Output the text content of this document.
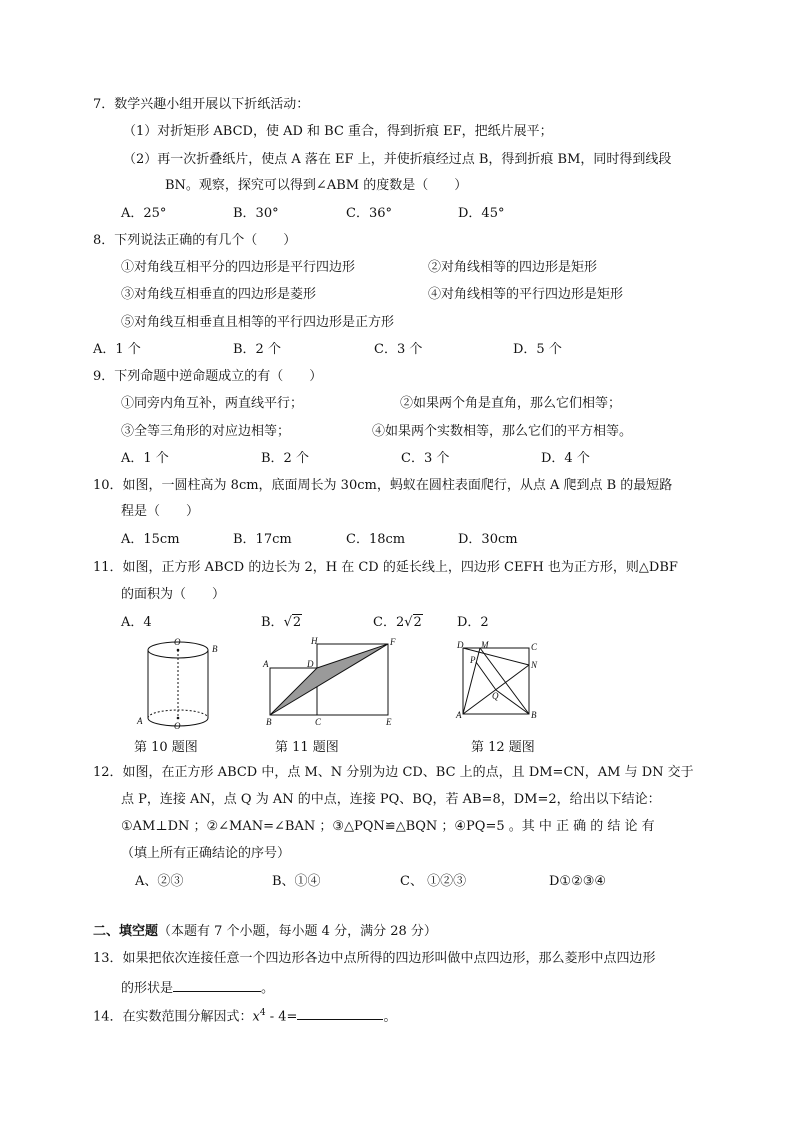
7．数学兴趣小组开展以下折纸活动：
（1）对折矩形 ABCD，使 AD 和 BC 重合，得到折痕 EF，把纸片展平；
（2）再一次折叠纸片，使点 A 落在 EF 上，并使折痕经过点 B，得到折痕 BM，同时得到线段
BN。观察，探究可以得到∠ABM 的度数是（　　）
A．25°	B．30°	C．36°	D．45°
8．下列说法正确的有几个（　　）
①对角线互相平分的四边形是平行四边形	②对角线相等的四边形是矩形
③对角线互相垂直的四边形是菱形	④对角线相等的平行四边形是矩形
⑤对角线互相垂直且相等的平行四边形是正方形
A．1 个	B．2 个	C．3 个	D．5 个
9．下列命题中逆命题成立的有（　　）
①同旁内角互补，两直线平行；	②如果两个角是直角，那么它们相等；
③全等三角形的对应边相等；	④如果两个实数相等，那么它们的平方相等。
A．1 个	B．2 个	C．3 个	D．4 个
10．如图，一圆柱高为 8cm，底面周长为 30cm，蚂蚁在圆柱表面爬行，从点 A 爬到点 B 的最短路
程是（　　）
A．15cm	B．17cm	C．18cm	D．30cm
11．如图，正方形 ABCD 的边长为 2，H 在 CD 的延长线上，四边形 CEFH 也为正方形，则△DBF
的面积为（　　）
A．4	B．√2	C．2√2	D．2
O
B
A	O
第 10 题图
H	F
A	D
B	C	E
第 11 题图
D M	C
P	N
Q
A	B
第 12 题图
12．如图，在正方形 ABCD 中，点 M、N 分别为边 CD、BC 上的点，且 DM=CN，AM 与 DN 交于
点 P，连接 AN，点 Q 为 AN 的中点，连接 PQ、BQ，若 AB=8，DM=2，给出以下结论：
①AM⊥DN ；②∠MAN=∠BAN ；③△PQN≌△BQN ；④PQ=5 。其 中 正 确 的 结 论 有
（填上所有正确结论的序号）
A、②③	B、①④	C、 ①②③	D①②③④
二、填空题（本题有 7 个小题，每小题 4 分，满分 28 分）
13．如果把依次连接任意一个四边形各边中点所得的四边形叫做中点四边形，那么菱形中点四边形
的形状是	。
14．在实数范围分解因式：$x^4 - 4=$	。
